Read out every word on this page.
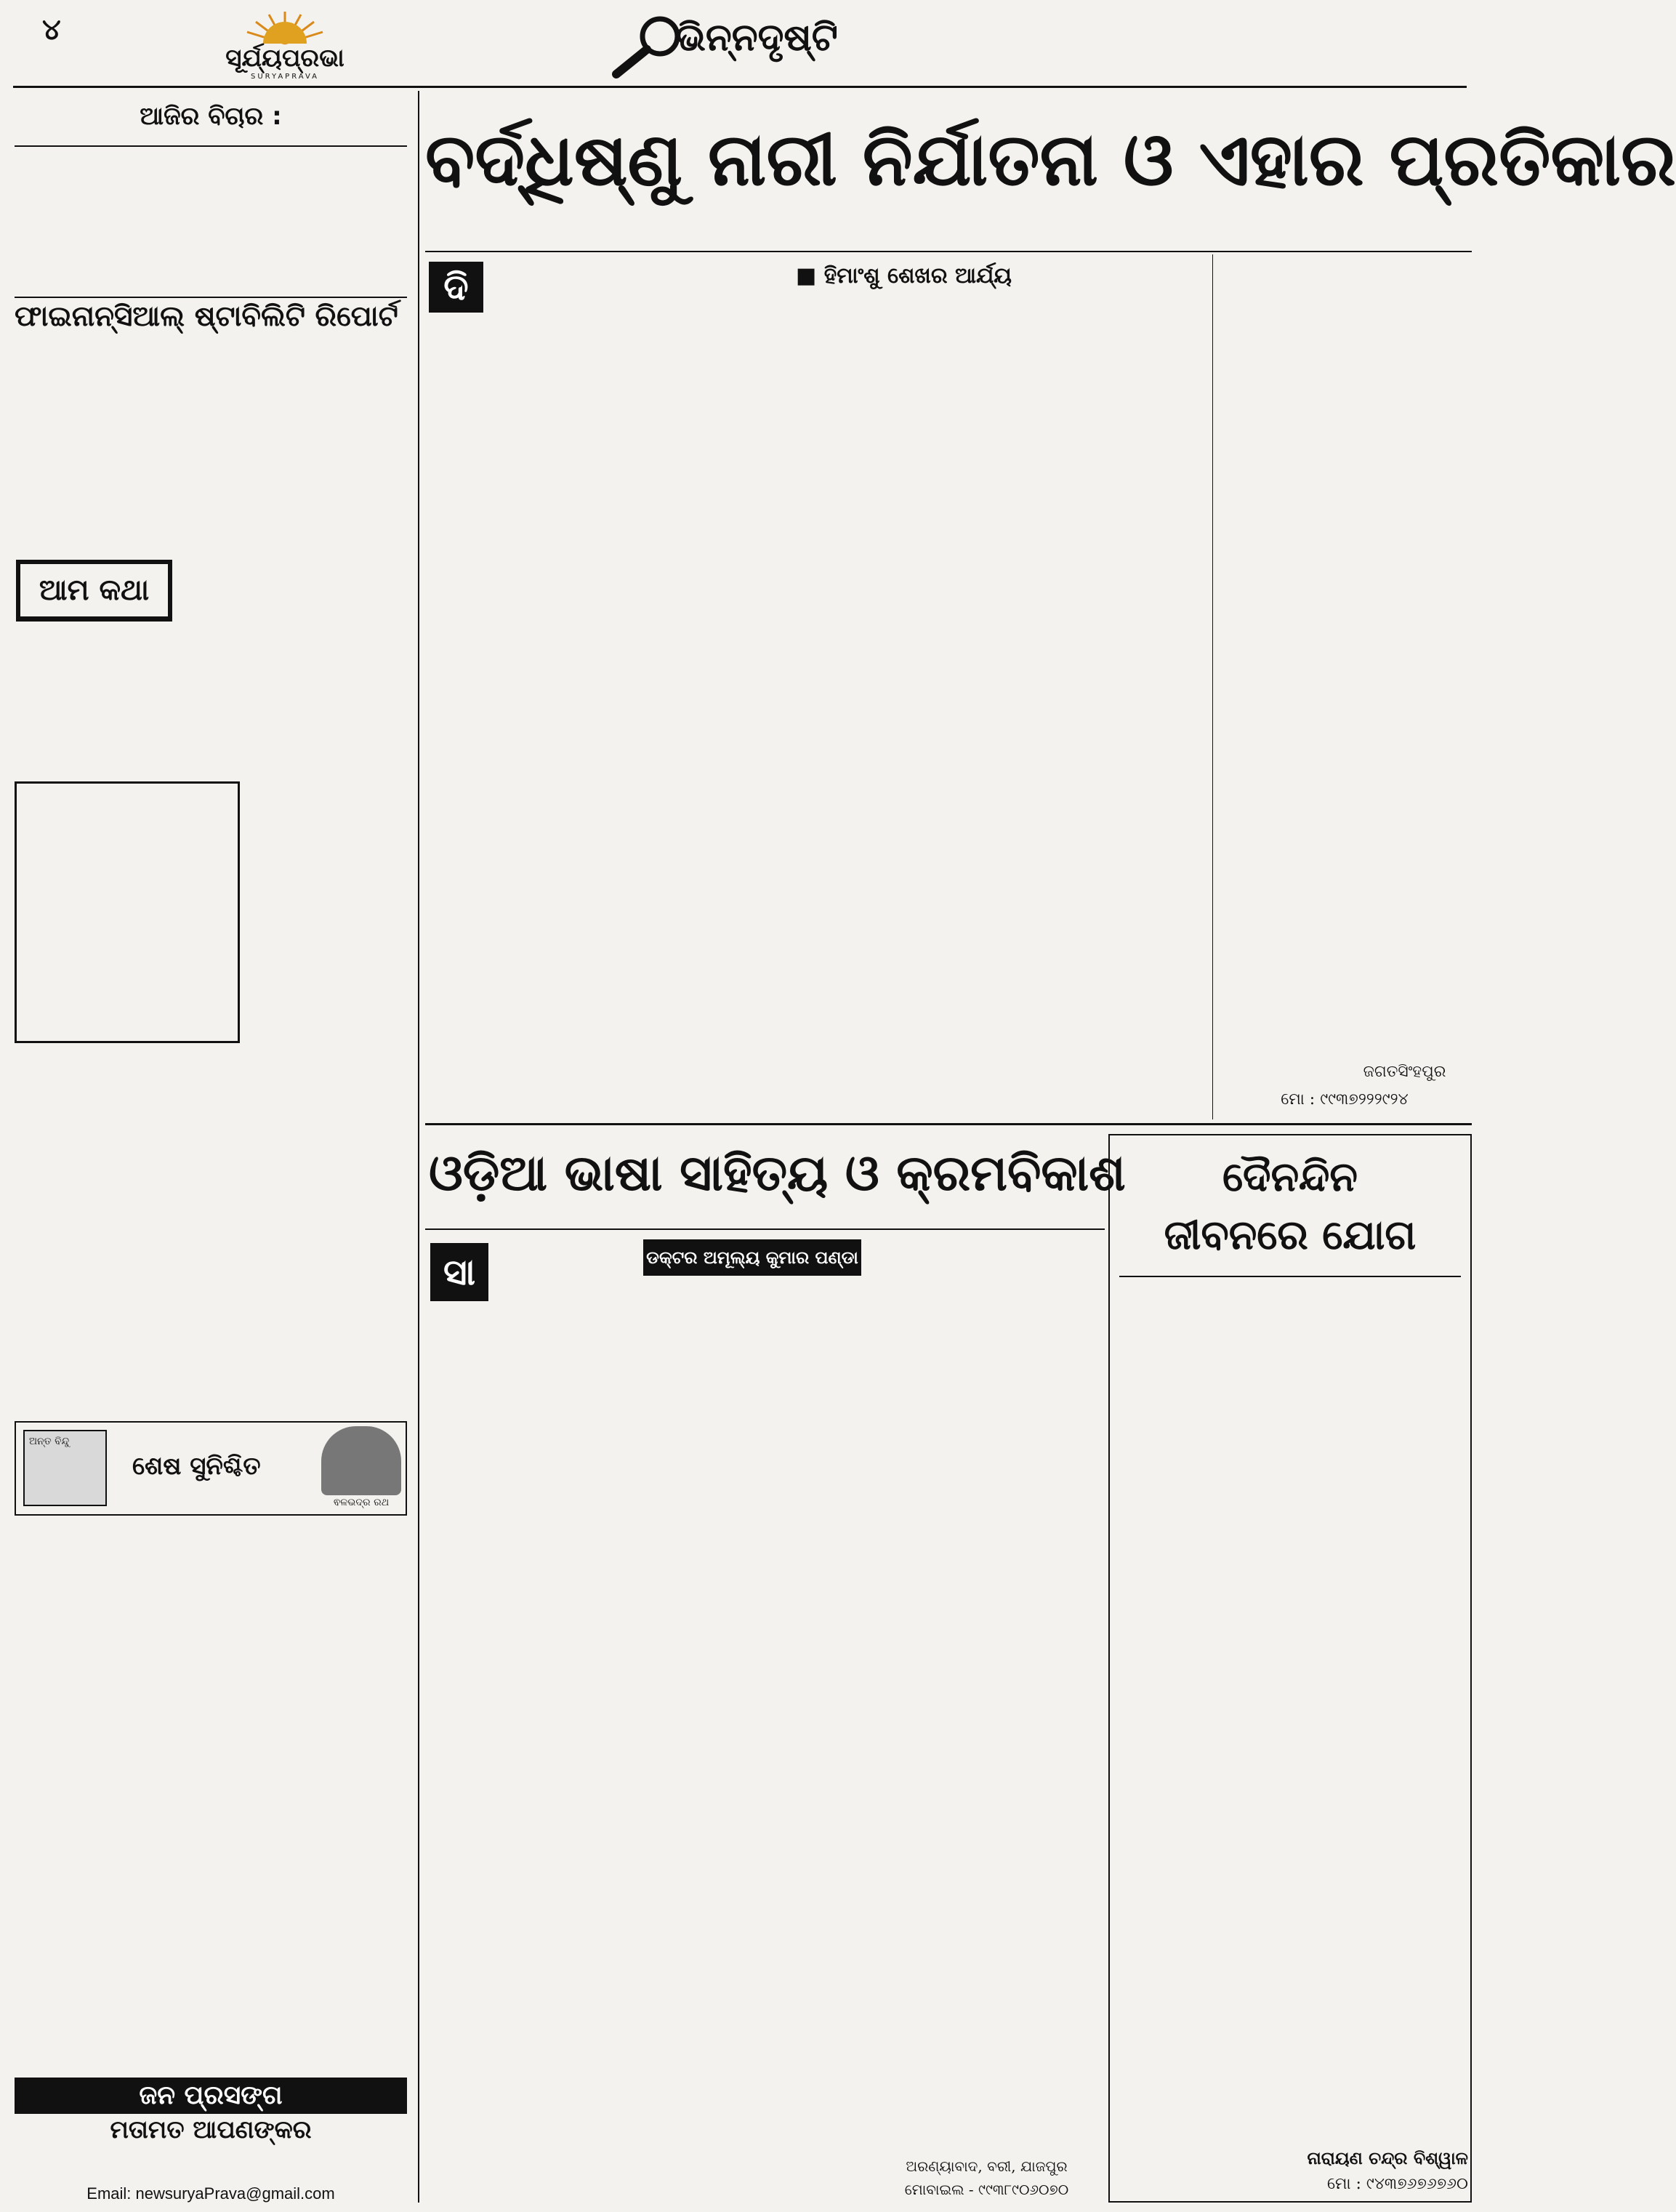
୪
ସୂର୍ଯ୍ୟପ୍ରଭା
SURYAPRAVA
ଭିନ୍ନଦୃଷ୍ଟି
ଆଜିର ବିଚାର :
ଫାଇନାନ୍ସିଆଲ୍ ଷ୍ଟାବିଲିଟି ରିପୋର୍ଟ
ଆମ କଥା
ଅନ୍ତ ବିନ୍ଦୁ
ଶେଷ ସୁନିଶ୍ଚିତ
ଵଳଭଦ୍ର ରଥ
ଜନ ପ୍ରସଙ୍ଗ
ମତାମତ ଆପଣଙ୍କର
Email: newsuryaPrava@gmail.com
ବର୍ଦ୍ଧିଷ୍ଣୁ ନାରୀ ନିର୍ଯାତନା ଓ ଏହାର ପ୍ରତିକାର
ଦି	■ ହିମାଂଶୁ ଶେଖର ଆର୍ଯ୍ୟ
ଜଗତସିଂହପୁର
ମୋ : ୯୯୩୭୨୨୨୯୨୪
ଓଡ଼ିଆ ଭାଷା ସାହିତ୍ୟ ଓ କ୍ରମବିକାଶ
ସା	ଡକ୍ଟର ଅମୂଲ୍ୟ କୁମାର ପଣ୍ଡା
ଅରଣ୍ୟାବାଦ, ବରୀ, ଯାଜପୁର
ମୋବାଇଲ - ୯୯୩୮୯୦୬୦୭୦
ଦୈନନ୍ଦିନ
ଜୀବନରେ ଯୋଗ
ନାରାୟଣ ଚନ୍ଦ୍ର ବିଶ୍ୱାଳ
ମୋ : ୯୪୩୭୬୭୬୭୬୦
